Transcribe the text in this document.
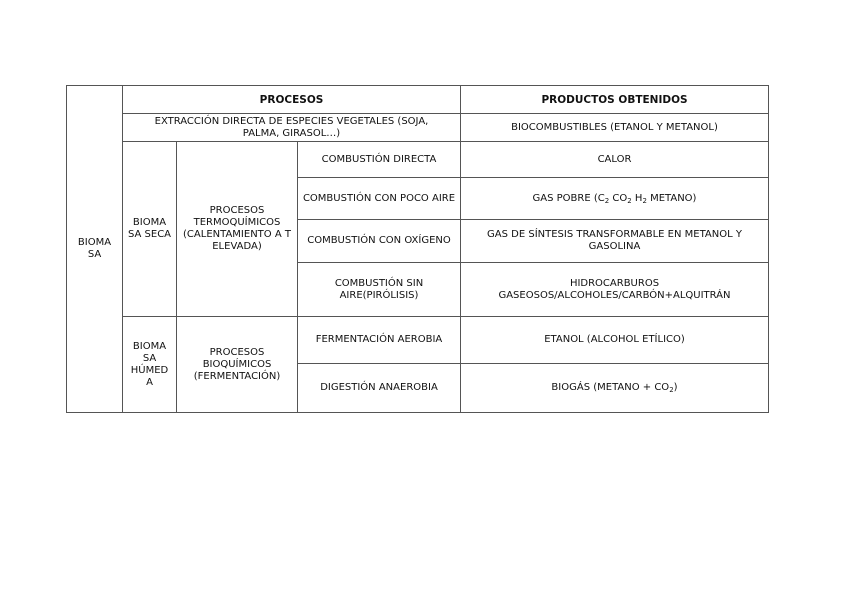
BIOMA SA	PROCESOS			PRODUCTOS OBTENIDOS
	EXTRACCIÓN DIRECTA DE ESPECIES VEGETALES (SOJA, PALMA, GIRASOL…)			BIOCOMBUSTIBLES (ETANOL Y METANOL)
	BIOMA SA SECA	PROCESOS TERMOQUÍMICOS (CALENTAMIENTO A T ELEVADA)	COMBUSTIÓN DIRECTA	CALOR
			COMBUSTIÓN CON POCO AIRE	GAS POBRE ($C_2$ $CO_2$ $H_2$ METANO)
			COMBUSTIÓN CON OXÍGENO	GAS DE SÍNTESIS TRANSFORMABLE EN METANOL Y GASOLINA
			COMBUSTIÓN SIN AIRE(PIRÓLISIS)	HIDROCARBUROS GASEOSOS/ALCOHOLES/CARBÓN+ALQUITRÁN
	BIOMA SA HÚMED A	PROCESOS BIOQUÍMICOS (FERMENTACIÓN)	FERMENTACIÓN AEROBIA	ETANOL (ALCOHOL ETÍLICO)
			DIGESTIÓN ANAEROBIA	BIOGÁS (METANO + $CO_2$)
